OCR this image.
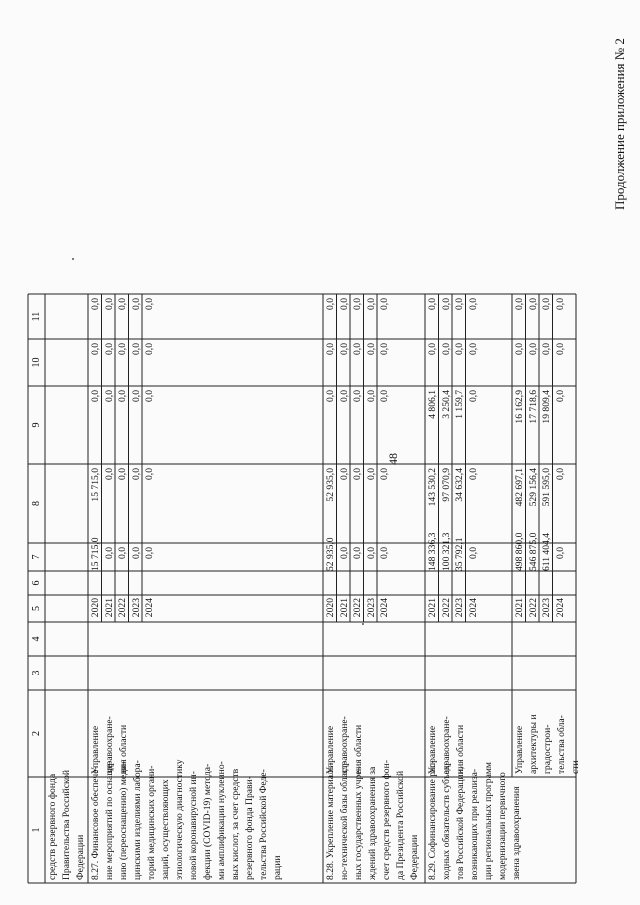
48
Продолжение приложения № 2
1
2
3
4
5
6
7
8
9
10
11
средств резервного фонда Правительства Российской Федерации 8.27. Финансовое обеспече- ние мероприятий по оснаще- нию (переоснащению) меди- цинскими изделиями лабора- торий медицинских органи- заций, осуществляющих этиологическую диагностику новой коронавирусной ин- фекции (COVID-19) метода- ми амплификации нуклеино- вых кислот, за счет средств резервного фонда Прави- тельства Российской Феде- рации
Управление здравоохране- ния области
2020 2021 2022 2023 2024
15 715,0 0,0 0,0 0,0 0,0
15 715,0 0,0 0,0 0,0 0,0
0,0 0,0 0,0 0,0 0,0
0,0 0,0 0,0 0,0 0,0
0,0 0,0 0,0 0,0 0,0
8.28. Укрепление материаль- но-технической базы област- ных государственных учре- ждений здравоохранения за счет средств резервного фон- да Президента Российской Федерации
Управление здравоохране- ния области
2020 2021 2022 2023 2024
52 935,0 0,0 0,0 0,0 0,0
52 935,0 0,0 0,0 0,0 0,0
0,0 0,0 0,0 0,0 0,0
0,0 0,0 0,0 0,0 0,0
0,0 0,0 0,0 0,0 0,0
8.29. Софинансирование рас- ходных обязательств субъек- тов Российской Федерации, возникающих при реализа- ции региональных программ модернизации первичного звена здравоохранения
Управление здравоохране- ния области
2021 2022 2023 2024
148 336,3 100 321,3 35 792,1 0,0
143 530,2 97 070,9 34 632,4 0,0
4 806,1 3 250,4 1 159,7 0,0
0,0 0,0 0,0 0,0
0,0 0,0 0,0 0,0
Управление архитектуры и градострои- тельства обла- сти
2021 2022 2023 2024
498 860,0 546 875,0 611 404,4 0,0
482 697,1 529 156,4 591 595,0 0,0
16 162,9 17 718,6 19 809,4 0,0
0,0 0,0 0,0 0,0
0,0 0,0 0,0 0,0
